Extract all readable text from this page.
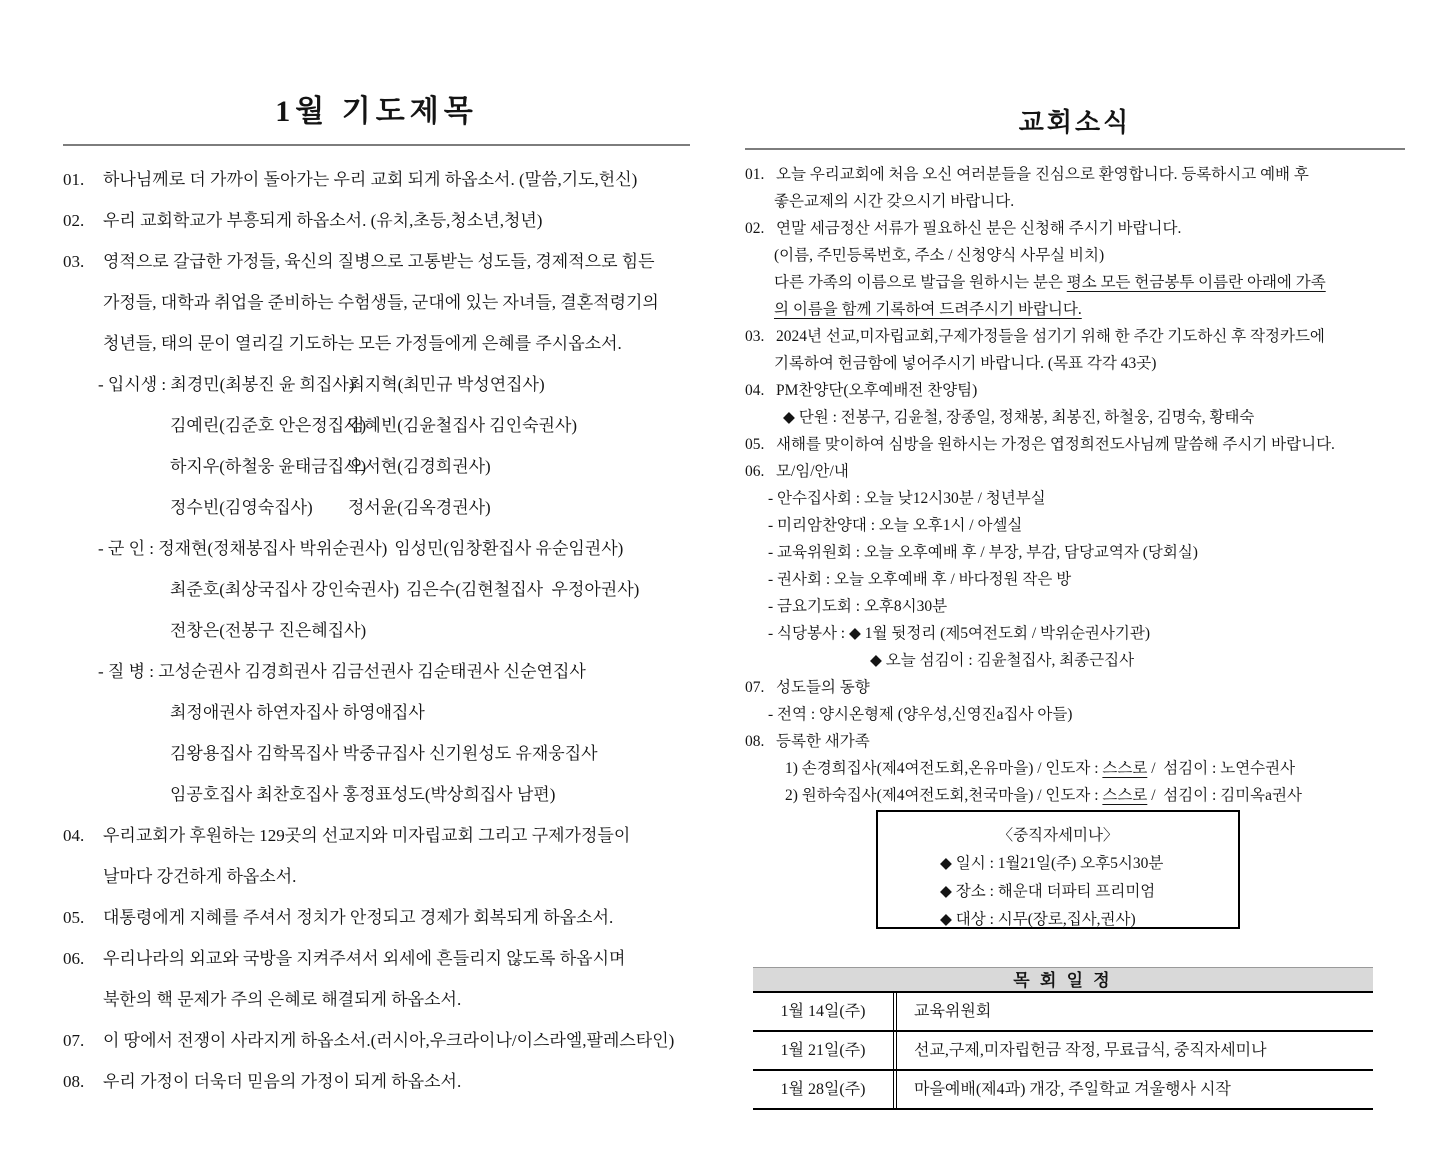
1월 기도제목
01. 하나님께로 더 가까이 돌아가는 우리 교회 되게 하옵소서. (말씀,기도,헌신)
02. 우리 교회학교가 부흥되게 하옵소서. (유치,초등,청소년,청년)
03. 영적으로 갈급한 가정들, 육신의 질병으로 고통받는 성도들, 경제적으로 힘든
가정들, 대학과 취업을 준비하는 수험생들, 군대에 있는 자녀들, 결혼적령기의
청년들, 태의 문이 열리길 기도하는 모든 가정들에게 은혜를 주시옵소서.
- 입시생 : 최경민(최봉진 윤 희집사)최지혁(최민규 박성연집사)
김예린(김준호 안은정집사)김혜빈(김윤철집사 김인숙권사)
하지우(하철웅 윤태금집사)오서현(김경희권사)
정수빈(김영숙집사) 정서윤(김옥경권사)
- 군 인 : 정재현(정채봉집사 박위순권사) 임성민(임창환집사 유순임권사)
최준호(최상국집사 강인숙권사) 김은수(김현철집사  우정아권사)
전창은(전봉구 진은혜집사)
- 질 병 : 고성순권사 김경희권사 김금선권사 김순태권사 신순연집사
최정애권사 하연자집사 하영애집사
김왕용집사 김학목집사 박중규집사 신기원성도 유재웅집사
임공호집사 최찬호집사 홍정표성도(박상희집사 남편)
04. 우리교회가 후원하는 129곳의 선교지와 미자립교회 그리고 구제가정들이
날마다 강건하게 하옵소서.
05. 대통령에게 지혜를 주셔서 정치가 안정되고 경제가 회복되게 하옵소서.
06. 우리나라의 외교와 국방을 지켜주셔서 외세에 흔들리지 않도록 하옵시며
북한의 핵 문제가 주의 은혜로 해결되게 하옵소서.
07. 이 땅에서 전쟁이 사라지게 하옵소서.(러시아,우크라이나/이스라엘,팔레스타인)
08. 우리 가정이 더욱더 믿음의 가정이 되게 하옵소서.
교회소식
01. 오늘 우리교회에 처음 오신 여러분들을 진심으로 환영합니다. 등록하시고 예배 후
좋은교제의 시간 갖으시기 바랍니다.
02. 연말 세금정산 서류가 필요하신 분은 신청해 주시기 바랍니다.
(이름, 주민등록번호, 주소 / 신청양식 사무실 비치)
다른 가족의 이름으로 발급을 원하시는 분은 평소 모든 헌금봉투 이름란 아래에 가족
의 이름을 함께 기록하여 드려주시기 바랍니다.
03. 2024년 선교,미자립교회,구제가정들을 섬기기 위해 한 주간 기도하신 후 작정카드에
기록하여 헌금함에 넣어주시기 바랍니다. (목표 각각 43곳)
04. PM찬양단(오후예배전 찬양팀)
◆ 단원 : 전봉구, 김윤철, 장종일, 정채봉, 최봉진, 하철웅, 김명숙, 황태숙
05. 새해를 맞이하여 심방을 원하시는 가정은 엽정희전도사님께 말씀해 주시기 바랍니다.
06. 모/임/안/내
- 안수집사회 : 오늘 낮12시30분 / 청년부실
- 미리암찬양대 : 오늘 오후1시 / 아셀실
- 교육위원회 : 오늘 오후예배 후 / 부장, 부감, 담당교역자 (당회실)
- 권사회 : 오늘 오후예배 후 / 바다정원 작은 방
- 금요기도회 : 오후8시30분
- 식당봉사 : ◆ 1월 뒷정리 (제5여전도회 / 박위순권사기관)
◆ 오늘 섬김이 : 김윤철집사, 최종근집사
07. 성도들의 동향
- 전역 : 양시온형제 (양우성,신영진a집사 아들)
08. 등록한 새가족
1) 손경희집사(제4여전도회,온유마을) / 인도자 : 스스로 /  섬김이 : 노연수권사
2) 원하숙집사(제4여전도회,천국마을) / 인도자 : 스스로 /  섬김이 : 김미옥a권사
〈중직자세미나〉
◆ 일시 : 1월21일(주) 오후5시30분
◆ 장소 : 해운대 더파티 프리미엄
◆ 대상 : 시무(장로,집사,권사)
목 회 일 정
1월 14일(주)	교육위원회
1월 21일(주)	선교,구제,미자립헌금 작정, 무료급식, 중직자세미나
1월 28일(주)	마을예배(제4과) 개강, 주일학교 겨울행사 시작
